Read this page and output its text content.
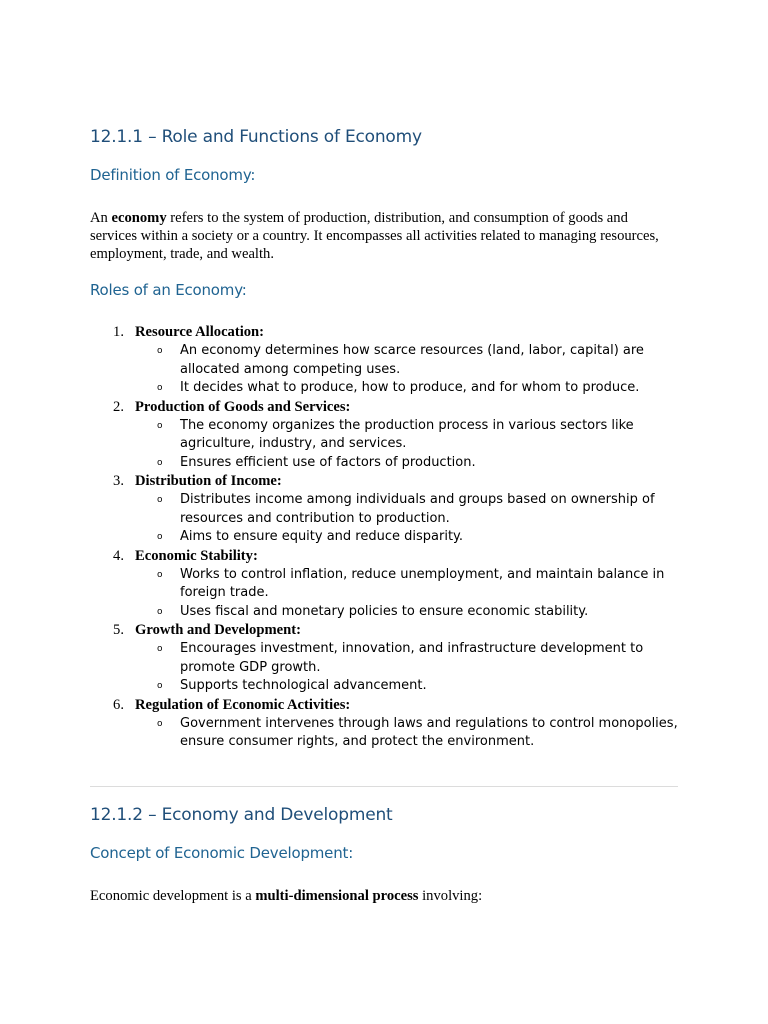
12.1.1 – Role and Functions of Economy
Definition of Economy:
An economy refers to the system of production, distribution, and consumption of goods and services within a society or a country. It encompasses all activities related to managing resources, employment, trade, and wealth.
Roles of an Economy:
1. Resource Allocation:
o An economy determines how scarce resources (land, labor, capital) are allocated among competing uses.
o It decides what to produce, how to produce, and for whom to produce.
2. Production of Goods and Services:
o The economy organizes the production process in various sectors like agriculture, industry, and services.
o Ensures efficient use of factors of production.
3. Distribution of Income:
o Distributes income among individuals and groups based on ownership of resources and contribution to production.
o Aims to ensure equity and reduce disparity.
4. Economic Stability:
o Works to control inflation, reduce unemployment, and maintain balance in foreign trade.
o Uses fiscal and monetary policies to ensure economic stability.
5. Growth and Development:
o Encourages investment, innovation, and infrastructure development to promote GDP growth.
o Supports technological advancement.
6. Regulation of Economic Activities:
o Government intervenes through laws and regulations to control monopolies, ensure consumer rights, and protect the environment.
12.1.2 – Economy and Development
Concept of Economic Development:
Economic development is a multi-dimensional process involving:
